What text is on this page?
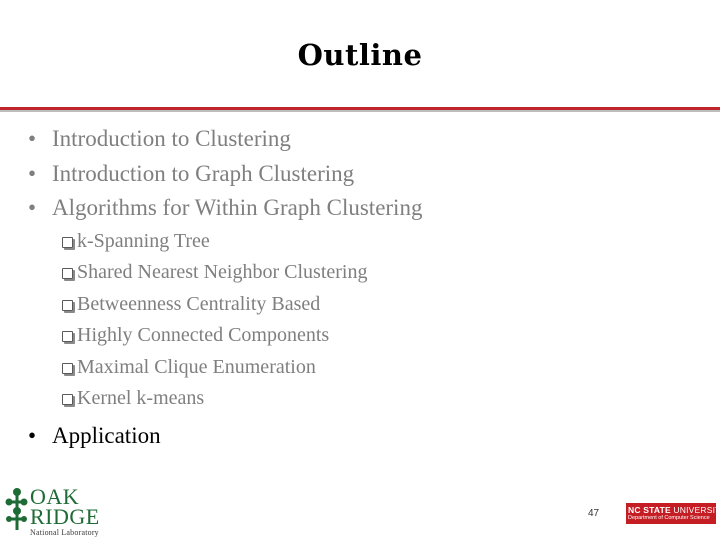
Outline
• Introduction to Clustering
• Introduction to Graph Clustering
• Algorithms for Within Graph Clustering
k-Spanning Tree
Shared Nearest Neighbor Clustering
Betweenness Centrality Based
Highly Connected Components
Maximal Clique Enumeration
Kernel k-means
• Application
OAK
RIDGE
National Laboratory
47	NC STATE UNIVERSITY
Department of Computer Science
